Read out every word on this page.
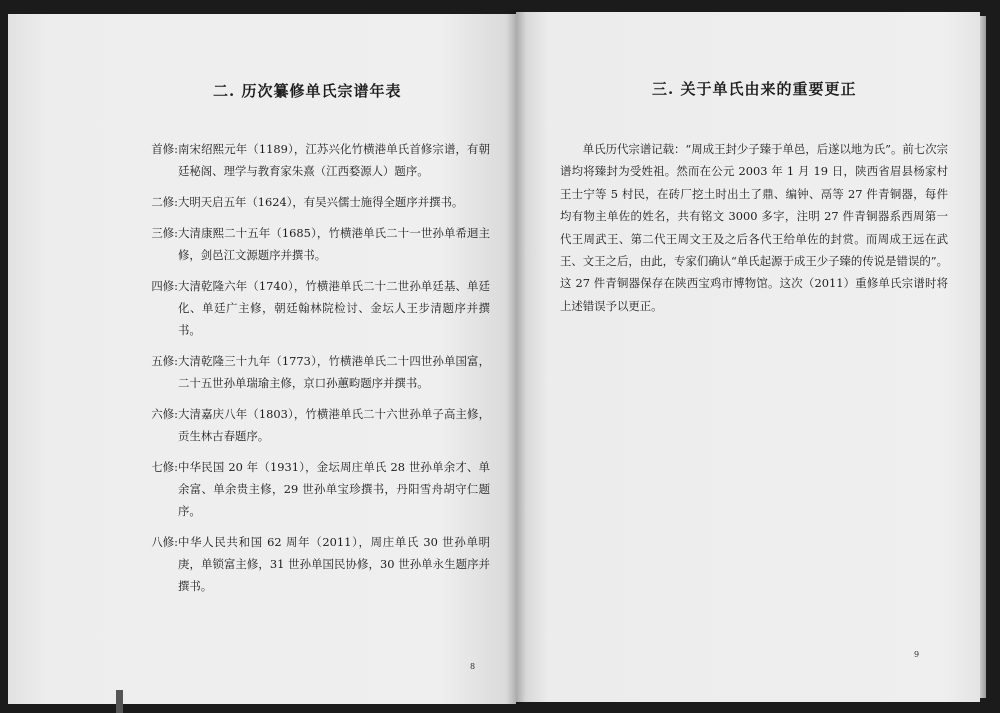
二. 历次纂修单氏宗谱年表
首修: 南宋绍熙元年（1189），江苏兴化竹横港单氏首修宗谱，有朝廷秘阁、理学与教育家朱熹（江西婺源人）题序。
二修: 大明天启五年（1624），有吴兴儒士施得全题序并撰书。
三修: 大清康熙二十五年（1685），竹横港单氏二十一世孙单希迴主修，剑邑江文源题序并撰书。
四修: 大清乾隆六年（1740），竹横港单氏二十二世孙单廷基、单廷化、单廷广主修，朝廷翰林院检讨、金坛人王步清题序并撰书。
五修: 大清乾隆三十九年（1773），竹横港单氏二十四世孙单国富，二十五世孙单瑞瑜主修，京口孙蕙畇题序并撰书。
六修: 大清嘉庆八年（1803），竹横港单氏二十六世孙单子高主修，贡生林古春题序。
七修: 中华民国 20 年（1931），金坛周庄单氏 28 世孙单余才、单余富、单余贵主修，29 世孙单宝珍撰书，丹阳雪舟胡守仁题序。
八修: 中华人民共和国 62 周年（2011），周庄单氏 30 世孙单明庚，单锁富主修，31 世孙单国民协修，30 世孙单永生题序并撰书。
8
三. 关于单氏由来的重要更正
单氏历代宗谱记载：“周成王封少子臻于单邑，后遂以地为氏”。前七次宗谱均将臻封为受姓祖。然而在公元 2003 年 1 月 19 日，陕西省眉县杨家村王士宁等 5 村民，在砖厂挖土时出土了鼎、编钟、鬲等 27 件青铜器，每件均有物主单佐的姓名，共有铭文 3000 多字，注明 27 件青铜器系西周第一代王周武王、第二代王周文王及之后各代王给单佐的封赏。而周成王远在武王、文王之后，由此，专家们确认“单氏起源于成王少子臻的传说是错误的”。这 27 件青铜器保存在陕西宝鸡市博物馆。这次（2011）重修单氏宗谱时将上述错误予以更正。
9
